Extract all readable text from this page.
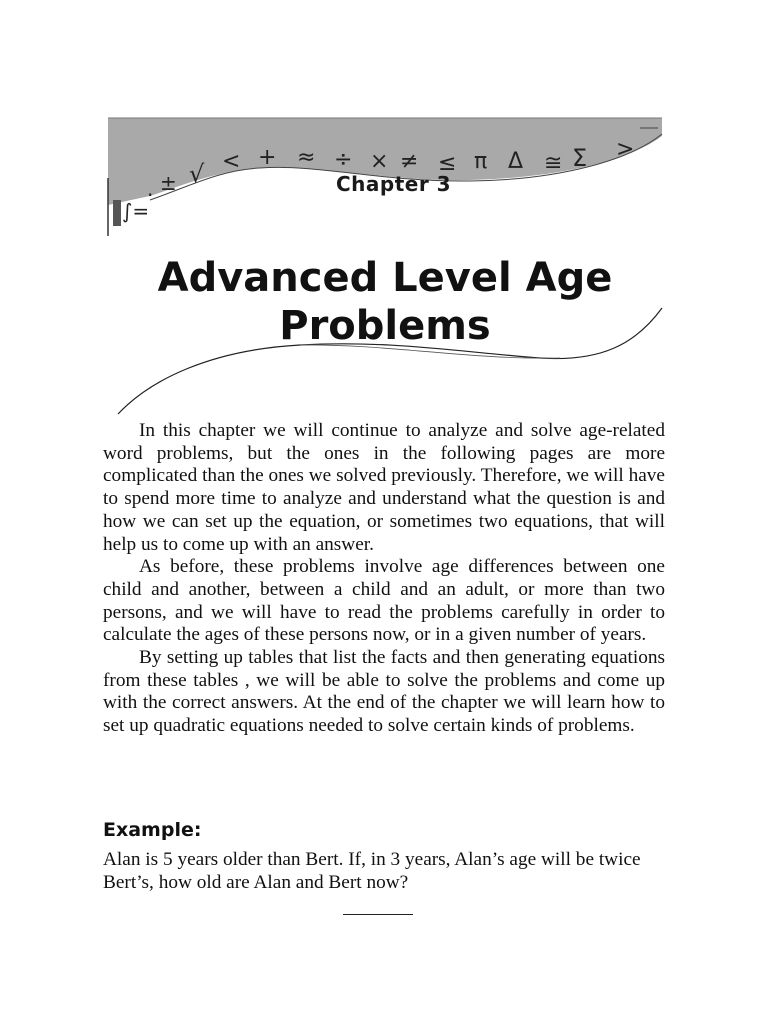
± √ < + ≈ ÷ × ≠ ≤ π Δ ≅ Σ >
∫=
.	Chapter 3
Advanced Level Age
Problems

In this chapter we will continue to analyze and solve age-related word problems, but the ones in the following pages are more complicated than the ones we solved previously. Therefore, we will have to spend more time to analyze and understand what the question is and how we can set up the equation, or sometimes two equations, that will help us to come up with an answer.

As before, these problems involve age differences between one child and another, between a child and an adult, or more than two persons, and we will have to read the problems carefully in order to calculate the ages of these persons now, or in a given number of years.

By setting up tables that list the facts and then generating equations from these tables , we will be able to solve the problems and come up with the correct answers. At the end of the chapter we will learn how to set up quadratic equations needed to solve certain kinds of problems.

Example:
Alan is 5 years older than Bert. If, in 3 years, Alan’s age will be twice Bert’s, how old are Alan and Bert now?
